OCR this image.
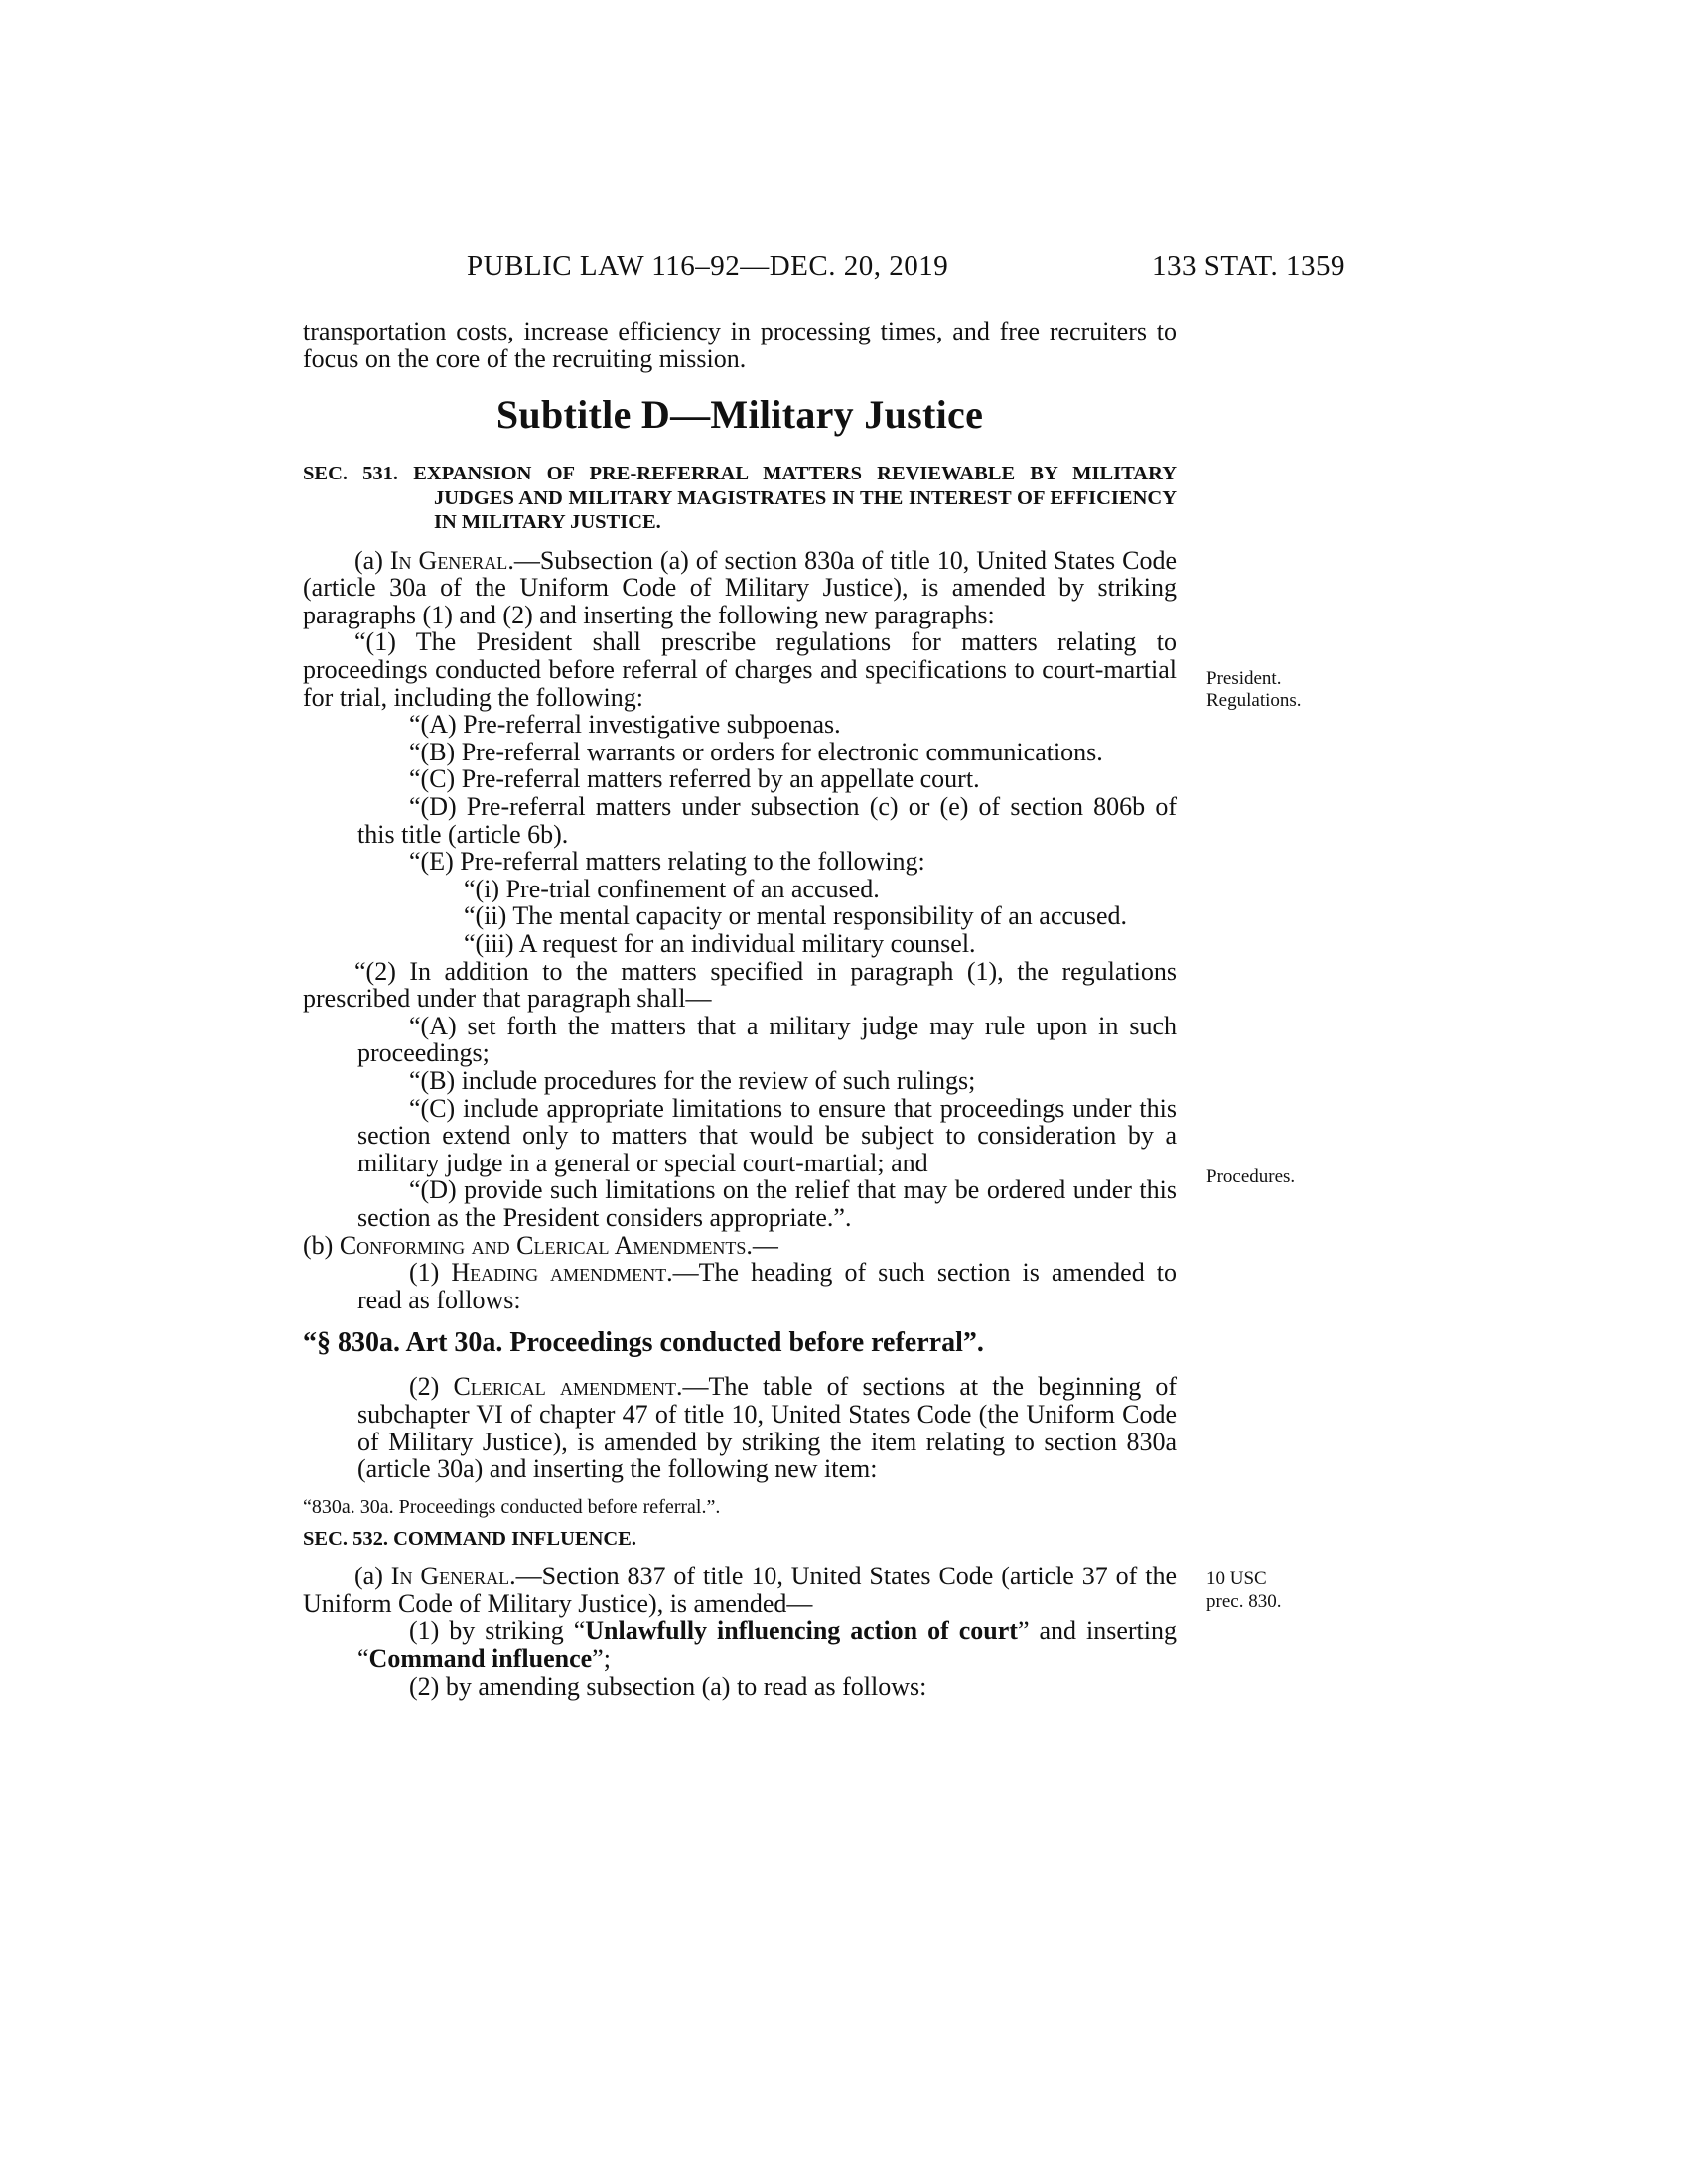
PUBLIC LAW 116–92—DEC. 20, 2019	133 STAT. 1359

transportation costs, increase efficiency in processing times, and free recruiters to focus on the core of the recruiting mission.

Subtitle D—Military Justice
SEC. 531. EXPANSION OF PRE-REFERRAL MATTERS REVIEWABLE BY MILITARY JUDGES AND MILITARY MAGISTRATES IN THE INTEREST OF EFFICIENCY IN MILITARY JUSTICE.

(a) In General.—Subsection (a) of section 830a of title 10, United States Code (article 30a of the Uniform Code of Military Justice), is amended by striking paragraphs (1) and (2) and inserting the following new paragraphs:

“(1) The President shall prescribe regulations for matters relating to proceedings conducted before referral of charges and specifications to court-martial for trial, including the following:

“(A) Pre-referral investigative subpoenas.

“(B) Pre-referral warrants or orders for electronic communications.

“(C) Pre-referral matters referred by an appellate court.

“(D) Pre-referral matters under subsection (c) or (e) of section 806b of this title (article 6b).

“(E) Pre-referral matters relating to the following:

“(i) Pre-trial confinement of an accused.

“(ii) The mental capacity or mental responsibility of an accused.

“(iii) A request for an individual military counsel.

“(2) In addition to the matters specified in paragraph (1), the regulations prescribed under that paragraph shall—

“(A) set forth the matters that a military judge may rule upon in such proceedings;

“(B) include procedures for the review of such rulings;

“(C) include appropriate limitations to ensure that proceedings under this section extend only to matters that would be subject to consideration by a military judge in a general or special court-martial; and

“(D) provide such limitations on the relief that may be ordered under this section as the President considers appropriate.”.

(b) Conforming and Clerical Amendments.—

(1) Heading amendment.—The heading of such section is amended to read as follows:

“§ 830a. Art 30a. Proceedings conducted before referral”.

(2) Clerical amendment.—The table of sections at the beginning of subchapter VI of chapter 47 of title 10, United States Code (the Uniform Code of Military Justice), is amended by striking the item relating to section 830a (article 30a) and inserting the following new item:

“830a. 30a. Proceedings conducted before referral.”.
SEC. 532. COMMAND INFLUENCE.

(a) In General.—Section 837 of title 10, United States Code (article 37 of the Uniform Code of Military Justice), is amended—

(1) by striking “Unlawfully influencing action of court” and inserting “Command influence”;

(2) by amending subsection (a) to read as follows:

President.
Regulations.
Procedures.
10 USC
prec. 830.
